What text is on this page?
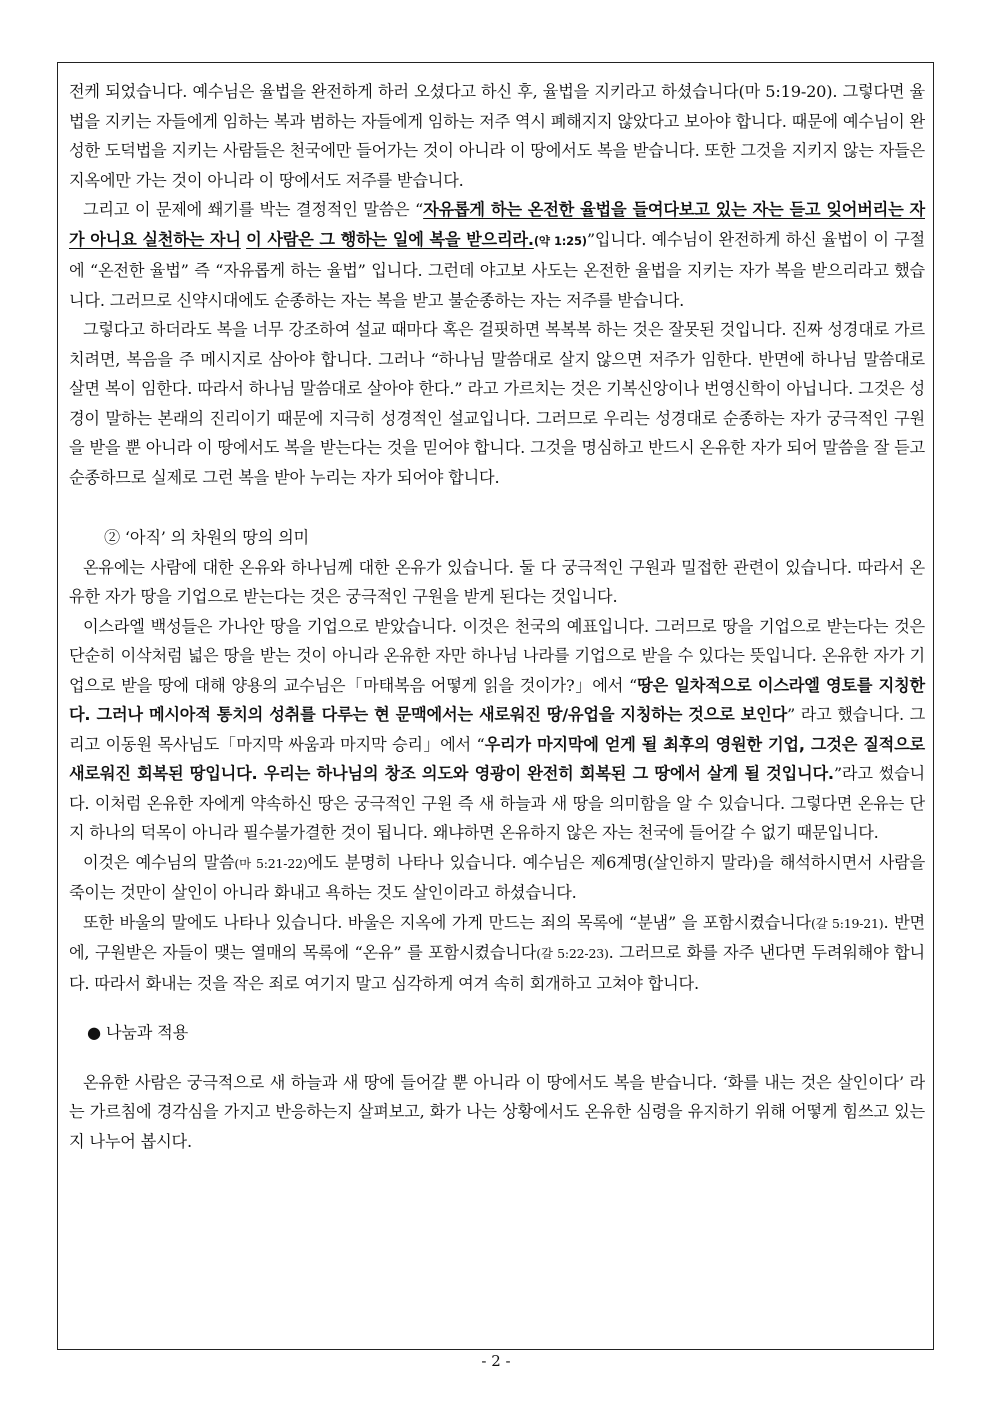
전케 되었습니다. 예수님은 율법을 완전하게 하러 오셨다고 하신 후, 율법을 지키라고 하셨습니다(마 5:19-20). 그렇다면 율법을 지키는 자들에게 임하는 복과 범하는 자들에게 임하는 저주 역시 폐해지지 않았다고 보아야 합니다. 때문에 예수님이 완성한 도덕법을 지키는 사람들은 천국에만 들어가는 것이 아니라 이 땅에서도 복을 받습니다. 또한 그것을 지키지 않는 자들은 지옥에만 가는 것이 아니라 이 땅에서도 저주를 받습니다.

그리고 이 문제에 쐐기를 박는 결정적인 말씀은 “자유롭게 하는 온전한 율법을 들여다보고 있는 자는 듣고 잊어버리는 자가 아니요 실천하는 자니 이 사람은 그 행하는 일에 복을 받으리라.(약 1:25)”입니다. 예수님이 완전하게 하신 율법이 이 구절에 “온전한 율법” 즉 “자유롭게 하는 율법” 입니다. 그런데 야고보 사도는 온전한 율법을 지키는 자가 복을 받으리라고 했습니다. 그러므로 신약시대에도 순종하는 자는 복을 받고 불순종하는 자는 저주를 받습니다.

그렇다고 하더라도 복을 너무 강조하여 설교 때마다 혹은 걸핏하면 복복복 하는 것은 잘못된 것입니다. 진짜 성경대로 가르치려면, 복음을 주 메시지로 삼아야 합니다. 그러나 “하나님 말씀대로 살지 않으면 저주가 임한다. 반면에 하나님 말씀대로 살면 복이 임한다. 따라서 하나님 말씀대로 살아야 한다.” 라고 가르치는 것은 기복신앙이나 번영신학이 아닙니다. 그것은 성경이 말하는 본래의 진리이기 때문에 지극히 성경적인 설교입니다. 그러므로 우리는 성경대로 순종하는 자가 궁극적인 구원을 받을 뿐 아니라 이 땅에서도 복을 받는다는 것을 믿어야 합니다. 그것을 명심하고 반드시 온유한 자가 되어 말씀을 잘 듣고 순종하므로 실제로 그런 복을 받아 누리는 자가 되어야 합니다.

② ‘아직’ 의 차원의 땅의 의미

온유에는 사람에 대한 온유와 하나님께 대한 온유가 있습니다. 둘 다 궁극적인 구원과 밀접한 관련이 있습니다. 따라서 온유한 자가 땅을 기업으로 받는다는 것은 궁극적인 구원을 받게 된다는 것입니다.

이스라엘 백성들은 가나안 땅을 기업으로 받았습니다. 이것은 천국의 예표입니다. 그러므로 땅을 기업으로 받는다는 것은 단순히 이삭처럼 넓은 땅을 받는 것이 아니라 온유한 자만 하나님 나라를 기업으로 받을 수 있다는 뜻입니다. 온유한 자가 기업으로 받을 땅에 대해 양용의 교수님은「마태복음 어떻게 읽을 것이가?」에서 “땅은 일차적으로 이스라엘 영토를 지칭한다. 그러나 메시아적 통치의 성취를 다루는 현 문맥에서는 새로워진 땅/유업을 지칭하는 것으로 보인다” 라고 했습니다. 그리고 이동원 목사님도「마지막 싸움과 마지막 승리」에서 “우리가 마지막에 얻게 될 최후의 영원한 기업, 그것은 질적으로 새로워진 회복된 땅입니다. 우리는 하나님의 창조 의도와 영광이 완전히 회복된 그 땅에서 살게 될 것입니다.”라고 썼습니다. 이처럼 온유한 자에게 약속하신 땅은 궁극적인 구원 즉 새 하늘과 새 땅을 의미함을 알 수 있습니다. 그렇다면 온유는 단지 하나의 덕목이 아니라 필수불가결한 것이 됩니다. 왜냐하면 온유하지 않은 자는 천국에 들어갈 수 없기 때문입니다.

이것은 예수님의 말씀(마 5:21-22)에도 분명히 나타나 있습니다. 예수님은 제6계명(살인하지 말라)을 해석하시면서 사람을 죽이는 것만이 살인이 아니라 화내고 욕하는 것도 살인이라고 하셨습니다.

또한 바울의 말에도 나타나 있습니다. 바울은 지옥에 가게 만드는 죄의 목록에 “분냄” 을 포함시켰습니다(갈 5:19-21). 반면에, 구원받은 자들이 맺는 열매의 목록에 “온유” 를 포함시켰습니다(갈 5:22-23). 그러므로 화를 자주 낸다면 두려워해야 합니다. 따라서 화내는 것을 작은 죄로 여기지 말고 심각하게 여겨 속히 회개하고 고쳐야 합니다.

● 나눔과 적용

온유한 사람은 궁극적으로 새 하늘과 새 땅에 들어갈 뿐 아니라 이 땅에서도 복을 받습니다. ‘화를 내는 것은 살인이다’ 라는 가르침에 경각심을 가지고 반응하는지 살펴보고, 화가 나는 상황에서도 온유한 심령을 유지하기 위해 어떻게 힘쓰고 있는지 나누어 봅시다.

- 2 -
